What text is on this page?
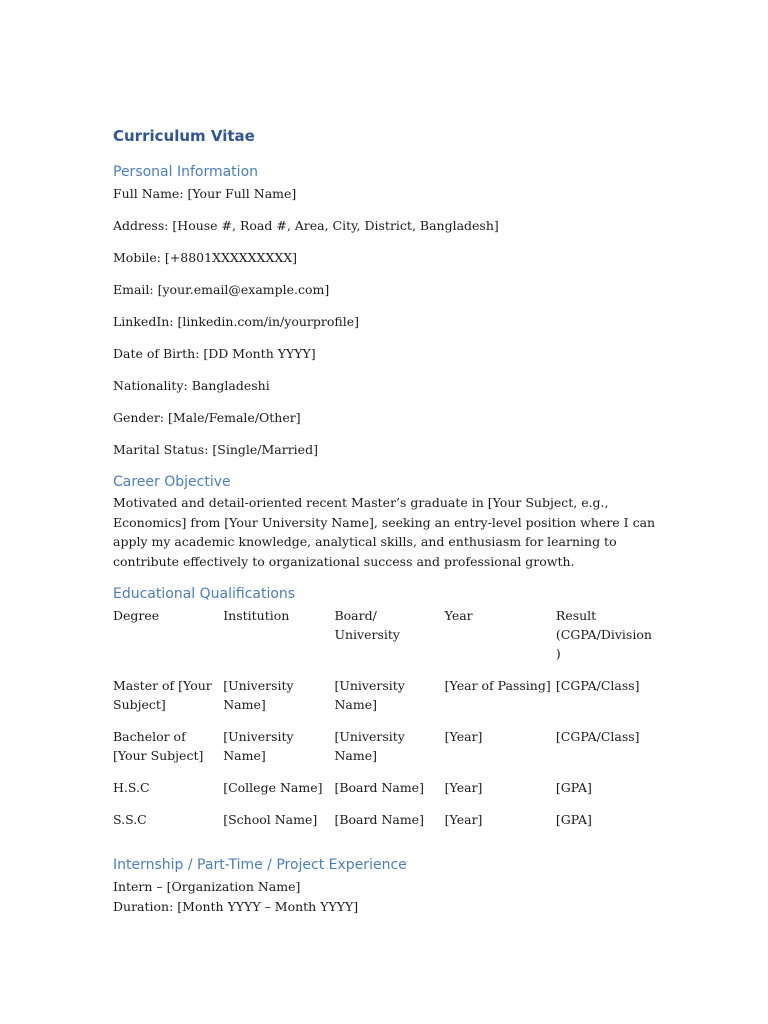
Curriculum Vitae
Personal Information

Full Name: [Your Full Name]

Address: [House #, Road #, Area, City, District, Bangladesh]

Mobile: [+8801XXXXXXXXX]

Email: [your.email@example.com]

LinkedIn: [linkedin.com/in/yourprofile]

Date of Birth: [DD Month YYYY]

Nationality: Bangladeshi

Gender: [Male/Female/Other]

Marital Status: [Single/Married]

Career Objective

Motivated and detail-oriented recent Master’s graduate in [Your Subject, e.g., Economics] from [Your University Name], seeking an entry-level position where I can apply my academic knowledge, analytical skills, and enthusiasm for learning to contribute effectively to organizational success and professional growth.

Educational Qualifications
Degree	Institution	Board/ University	Year	Result (CGPA/Division )
Master of [Your Subject]	[University Name]	[University Name]	[Year of Passing]	[CGPA/Class]
Bachelor of [Your Subject]	[University Name]	[University Name]	[Year]	[CGPA/Class]
H.S.C	[College Name]	[Board Name]	[Year]	[GPA]
S.S.C	[School Name]	[Board Name]	[Year]	[GPA]
Internship / Part-Time / Project Experience

Intern – [Organization Name]

Duration: [Month YYYY – Month YYYY]
